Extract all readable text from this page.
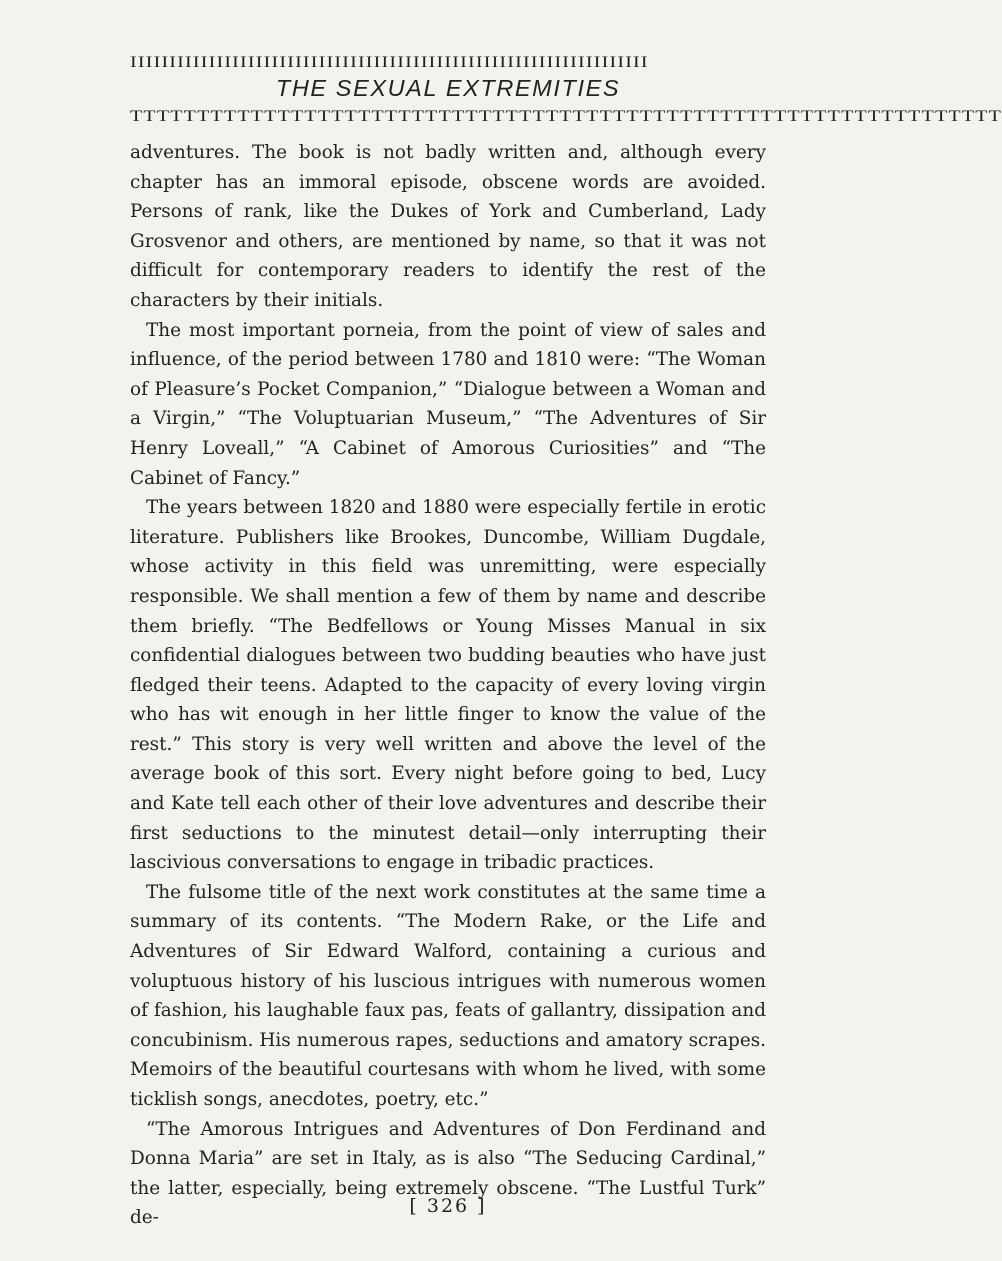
IIIIIIIIIIIIIIIIIIIIIIIIIIIIIIIIIIIIIIIIIIIIIIIIIIIIIIIIIIIIIIIIII
THE SEXUAL EXTREMITIES
TTTTTTTTTTTTTTTTTTTTTTTTTTTTTTTTTTTTTTTTTTTTTTTTTTTTTTTTTTTTTTTTT

adventures. The book is not badly written and, although every chapter has an immoral episode, obscene words are avoided. Persons of rank, like the Dukes of York and Cumberland, Lady Grosvenor and others, are mentioned by name, so that it was not difficult for contemporary readers to identify the rest of the characters by their initials.

The most important porneia, from the point of view of sales and influence, of the period between 1780 and 1810 were: “The Woman of Pleasure’s Pocket Companion,” “Dialogue between a Woman and a Virgin,” “The Voluptuarian Museum,” “The Adventures of Sir Henry Loveall,” “A Cabinet of Amorous Curiosities” and “The Cabinet of Fancy.”

The years between 1820 and 1880 were especially fertile in erotic literature. Publishers like Brookes, Duncombe, William Dugdale, whose activity in this field was unremitting, were especially responsible. We shall mention a few of them by name and describe them briefly. “The Bedfellows or Young Misses Manual in six confidential dialogues between two budding beauties who have just fledged their teens. Adapted to the capacity of every loving virgin who has wit enough in her little finger to know the value of the rest.” This story is very well written and above the level of the average book of this sort. Every night before going to bed, Lucy and Kate tell each other of their love adventures and describe their first seductions to the minutest detail—only interrupting their lascivious conversations to engage in tribadic practices.

The fulsome title of the next work constitutes at the same time a summary of its contents. “The Modern Rake, or the Life and Adventures of Sir Edward Walford, containing a curious and voluptuous history of his luscious intrigues with numerous women of fashion, his laughable faux pas, feats of gallantry, dissipation and concubinism. His numerous rapes, seductions and amatory scrapes. Memoirs of the beautiful courtesans with whom he lived, with some ticklish songs, anecdotes, poetry, etc.”

“The Amorous Intrigues and Adventures of Don Ferdinand and Donna Maria” are set in Italy, as is also “The Seducing Cardinal,” the latter, especially, being extremely obscene. “The Lustful Turk” de-

[ 326 ]
